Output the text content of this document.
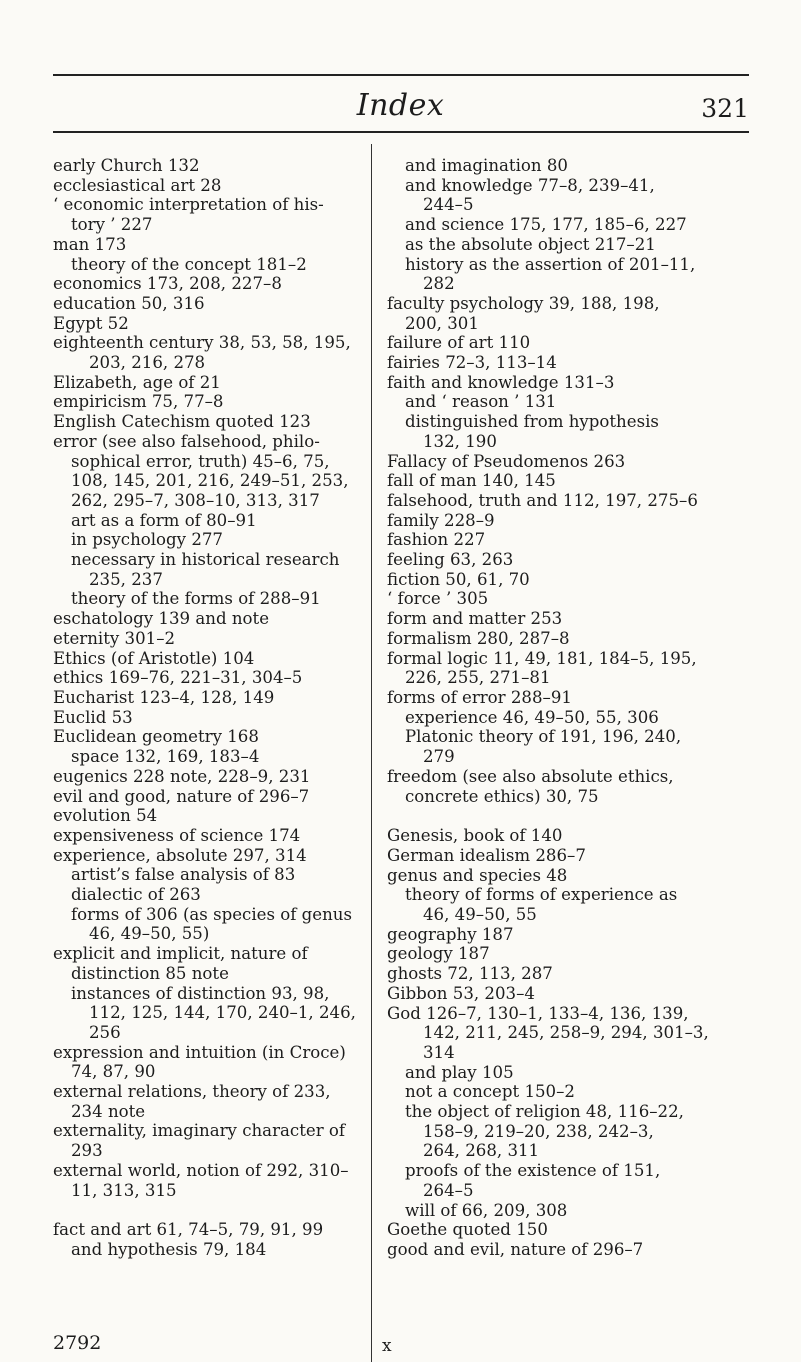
Index	321
early Church 132
ecclesiastical art 28
‘ economic interpretation of his-
tory ’ 227
man 173
theory of the concept 181–2
economics 173, 208, 227–8
education 50, 316
Egypt 52
eighteenth century 38, 53, 58, 195,
203, 216, 278
Elizabeth, age of 21
empiricism 75, 77–8
English Catechism quoted 123
error (see also falsehood, philo-
sophical error, truth) 45–6, 75,
108, 145, 201, 216, 249–51, 253,
262, 295–7, 308–10, 313, 317
art as a form of 80–91
in psychology 277
necessary in historical research
235, 237
theory of the forms of 288–91
eschatology 139 and note
eternity 301–2
Ethics (of Aristotle) 104
ethics 169–76, 221–31, 304–5
Eucharist 123–4, 128, 149
Euclid 53
Euclidean geometry 168
space 132, 169, 183–4
eugenics 228 note, 228–9, 231
evil and good, nature of 296–7
evolution 54
expensiveness of science 174
experience, absolute 297, 314
artist’s false analysis of 83
dialectic of 263
forms of 306 (as species of genus
46, 49–50, 55)
explicit and implicit, nature of
distinction 85 note
instances of distinction 93, 98,
112, 125, 144, 170, 240–1, 246,
256
expression and intuition (in Croce)
74, 87, 90
external relations, theory of 233,
234 note
externality, imaginary character of
293
external world, notion of 292, 310–
11, 313, 315
fact and art 61, 74–5, 79, 91, 99
and hypothesis 79, 184
and imagination 80
and knowledge 77–8, 239–41,
244–5
and science 175, 177, 185–6, 227
as the absolute object 217–21
history as the assertion of 201–11,
282
faculty psychology 39, 188, 198,
200, 301
failure of art 110
fairies 72–3, 113–14
faith and knowledge 131–3
and ‘ reason ’ 131
distinguished from hypothesis
132, 190
Fallacy of Pseudomenos 263
fall of man 140, 145
falsehood, truth and 112, 197, 275–6
family 228–9
fashion 227
feeling 63, 263
fiction 50, 61, 70
‘ force ’ 305
form and matter 253
formalism 280, 287–8
formal logic 11, 49, 181, 184–5, 195,
226, 255, 271–81
forms of error 288–91
experience 46, 49–50, 55, 306
Platonic theory of 191, 196, 240,
279
freedom (see also absolute ethics,
concrete ethics) 30, 75
Genesis, book of 140
German idealism 286–7
genus and species 48
theory of forms of experience as
46, 49–50, 55
geography 187
geology 187
ghosts 72, 113, 287
Gibbon 53, 203–4
God 126–7, 130–1, 133–4, 136, 139,
142, 211, 245, 258–9, 294, 301–3,
314
and play 105
not a concept 150–2
the object of religion 48, 116–22,
158–9, 219–20, 238, 242–3,
264, 268, 311
proofs of the existence of 151,
264–5
will of 66, 209, 308
Goethe quoted 150
good and evil, nature of 296–7
2792	x
